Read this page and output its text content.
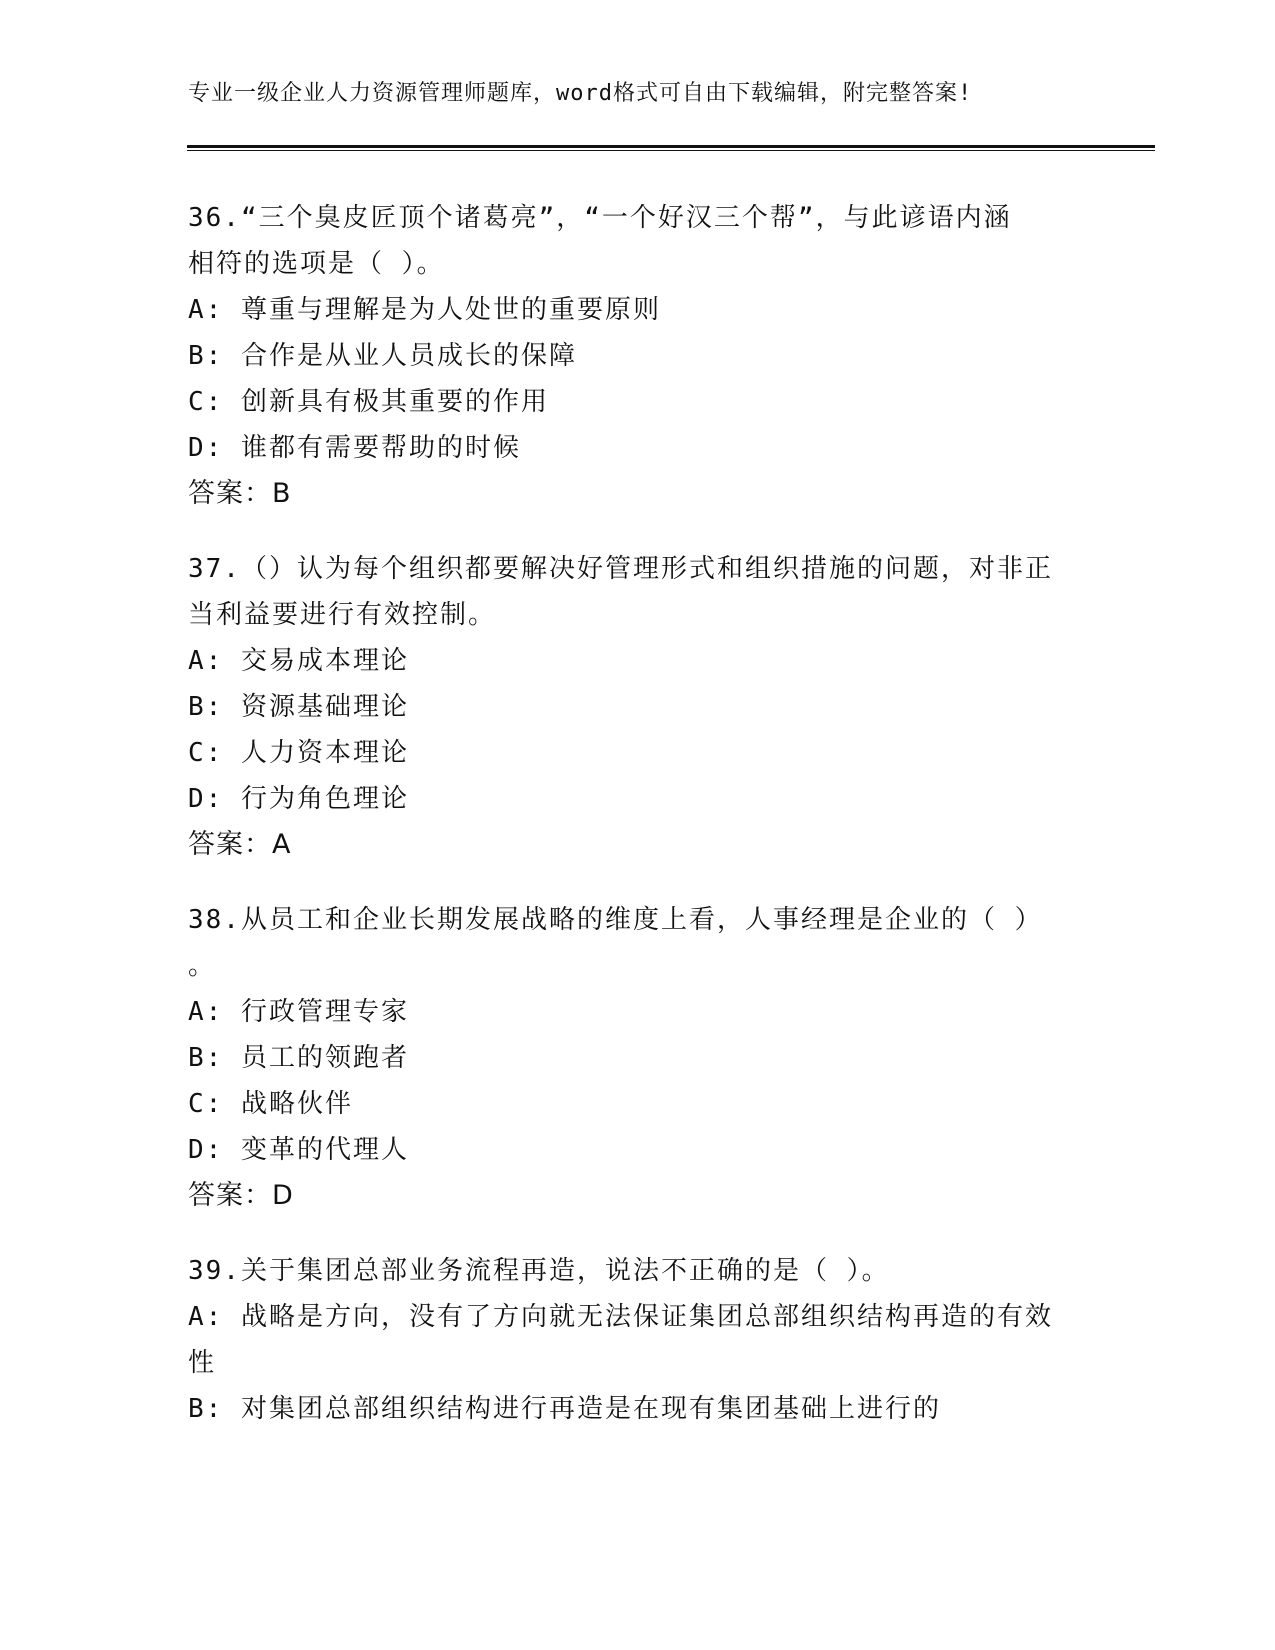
专业一级企业人力资源管理师题库，word格式可自由下载编辑，附完整答案!
36.“三个臭皮匠顶个诸葛亮”，“一个好汉三个帮”，与此谚语内涵
相符的选项是（ ）。
A: 尊重与理解是为人处世的重要原则
B: 合作是从业人员成长的保障
C: 创新具有极其重要的作用
D: 谁都有需要帮助的时候
答案：B
37.（）认为每个组织都要解决好管理形式和组织措施的问题，对非正
当利益要进行有效控制。
A: 交易成本理论
B: 资源基础理论
C: 人力资本理论
D: 行为角色理论
答案：A
38.从员工和企业长期发展战略的维度上看，人事经理是企业的（ ）
。
A: 行政管理专家
B: 员工的领跑者
C: 战略伙伴
D: 变革的代理人
答案：D
39.关于集团总部业务流程再造，说法不正确的是（ ）。
A: 战略是方向，没有了方向就无法保证集团总部组织结构再造的有效
性
B: 对集团总部组织结构进行再造是在现有集团基础上进行的
